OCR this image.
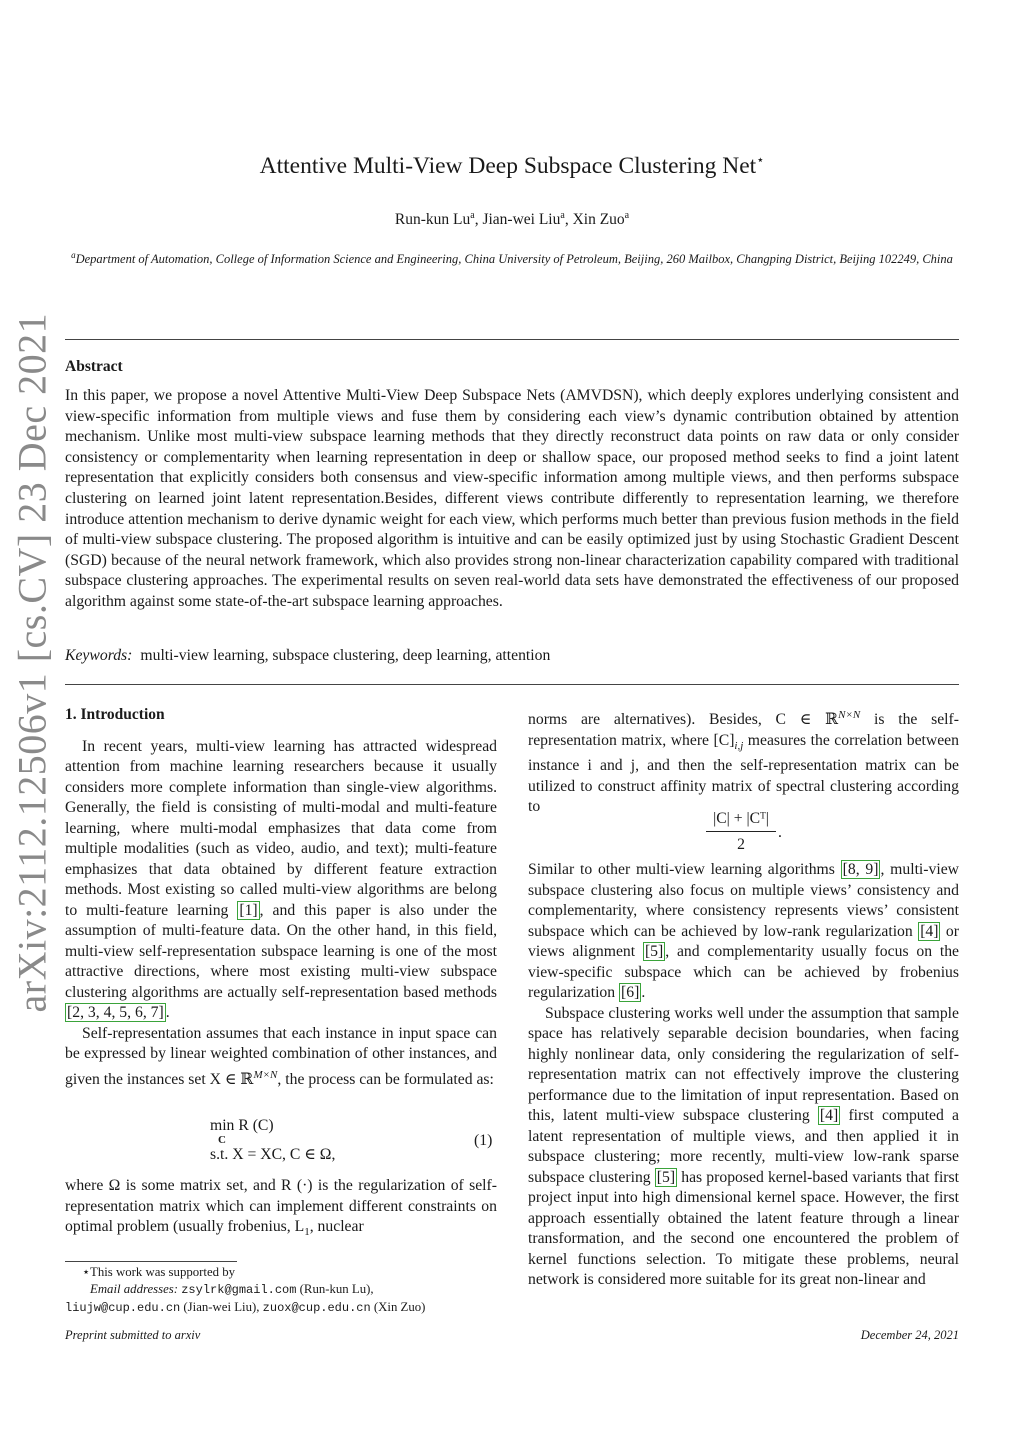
arXiv:2112.12506v1 [cs.CV] 23 Dec 2021
Attentive Multi-View Deep Subspace Clustering Net⋆
Run-kun Lu$^a$, Jian-wei Liu$^a$, Xin Zuo$^a$
$^a$Department of Automation, College of Information Science and Engineering, China University of Petroleum, Beijing, 260 Mailbox, Changping District, Beijing 102249, China
Abstract
In this paper, we propose a novel Attentive Multi-View Deep Subspace Nets (AMVDSN), which deeply explores underlying consistent and view-specific information from multiple views and fuse them by considering each view’s dynamic contribution obtained by attention mechanism. Unlike most multi-view subspace learning methods that they directly reconstruct data points on raw data or only consider consistency or complementarity when learning representation in deep or shallow space, our proposed method seeks to find a joint latent representation that explicitly considers both consensus and view-specific information among multiple views, and then performs subspace clustering on learned joint latent representation.Besides, different views contribute differently to representation learning, we therefore introduce attention mechanism to derive dynamic weight for each view, which performs much better than previous fusion methods in the field of multi-view subspace clustering. The proposed algorithm is intuitive and can be easily optimized just by using Stochastic Gradient Descent (SGD) because of the neural network framework, which also provides strong non-linear characterization capability compared with traditional subspace clustering approaches. The experimental results on seven real-world data sets have demonstrated the effectiveness of our proposed algorithm against some state-of-the-art subspace learning approaches.
Keywords: multi-view learning, subspace clustering, deep learning, attention
1. Introduction

In recent years, multi-view learning has attracted widespread attention from machine learning researchers because it usually considers more complete information than single-view algorithms. Generally, the field is consisting of multi-modal and multi-feature learning, where multi-modal emphasizes that data come from multiple modalities (such as video, audio, and text); multi-feature emphasizes that data obtained by different feature extraction methods. Most existing so called multi-view algorithms are belong to multi-feature learning [1] , and this paper is also under the assumption of multi-feature data. On the other hand, in this field, multi-view self-representation subspace learning is one of the most attractive directions, where most existing multi-view subspace clustering algorithms are actually self-representation based methods [2, 3, 4, 5, 6, 7] .

Self-representation assumes that each instance in input space can be expressed by linear weighted combination of other instances, and given the instances set X ∈ ℝ$^{M\times N}$, the process can be formulated as:

min R (C)
C
s.t. X = XC, C ∈ Ω,
(1)

where Ω is some matrix set, and R (·) is the regularization of self-representation matrix which can implement different constraints on optimal problem (usually frobenius, $L_1$, nuclear

⋆This work was supported by
Email addresses: zsylrk@gmail.com (Run-kun Lu),
liujw@cup.edu.cn (Jian-wei Liu), zuox@cup.edu.cn (Xin Zuo)

norms are alternatives). Besides, C ∈ ℝ$^{N\times N}$ is the self-representation matrix, where $[C]_{i,j}$ measures the correlation between instance i and j, and then the self-representation matrix can be utilized to construct affinity matrix of spectral clustering according to

$\frac{\text{|C| + |Cᵀ|}}{2}$ .

Similar to other multi-view learning algorithms [8, 9] , multi-view subspace clustering also focus on multiple views’ consistency and complementarity, where consistency represents views’ consistent subspace which can be achieved by low-rank regularization [4] or views alignment [5] , and complementarity usually focus on the view-specific subspace which can be achieved by frobenius regularization [6] .

Subspace clustering works well under the assumption that sample space has relatively separable decision boundaries, when facing highly nonlinear data, only considering the regularization of self-representation matrix can not effectively improve the clustering performance due to the limitation of input representation. Based on this, latent multi-view subspace clustering [4] first computed a latent representation of multiple views, and then applied it in subspace clustering; more recently, multi-view low-rank sparse subspace clustering [5] has proposed kernel-based variants that first project input into high dimensional kernel space. However, the first approach essentially obtained the latent feature through a linear transformation, and the second one encountered the problem of kernel functions selection. To mitigate these problems, neural network is considered more suitable for its great non-linear and

Preprint submitted to arxiv	December 24, 2021
